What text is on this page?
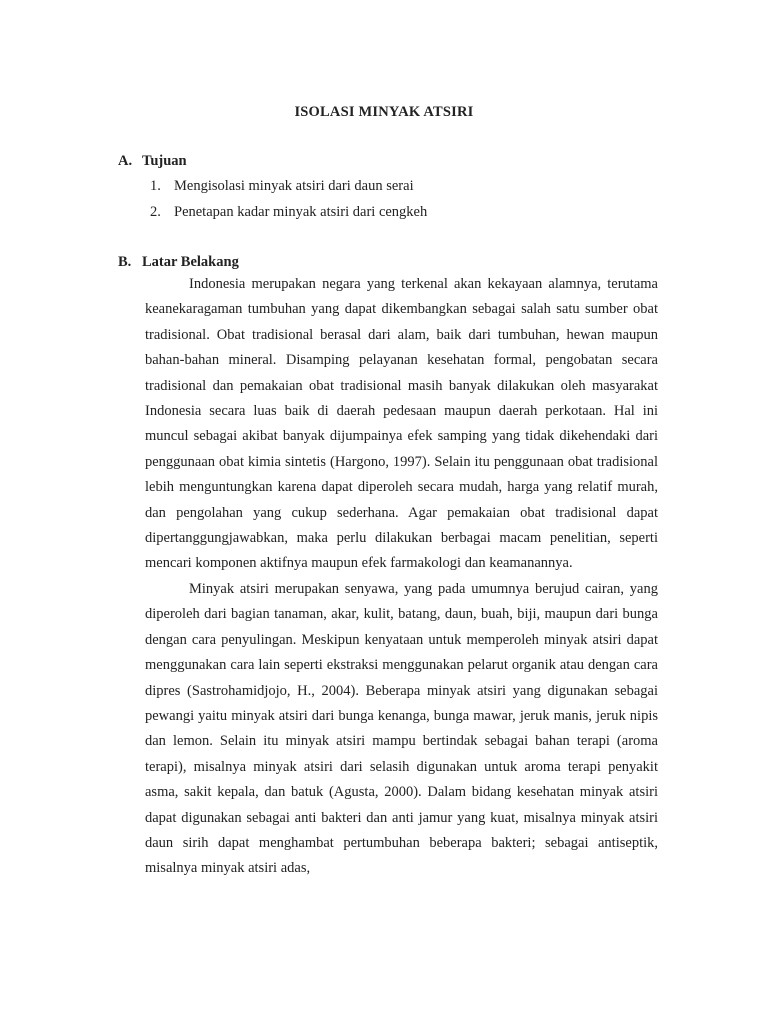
ISOLASI MINYAK ATSIRI
A. Tujuan
1. Mengisolasi minyak atsiri dari daun serai
2. Penetapan kadar minyak atsiri dari cengkeh
B. Latar Belakang

Indonesia merupakan negara yang terkenal akan kekayaan alamnya, terutama keanekaragaman tumbuhan yang dapat dikembangkan sebagai salah satu sumber obat tradisional. Obat tradisional berasal dari alam, baik dari tumbuhan, hewan maupun bahan-bahan mineral. Disamping pelayanan kesehatan formal, pengobatan secara tradisional dan pemakaian obat tradisional masih banyak dilakukan oleh masyarakat Indonesia secara luas baik di daerah pedesaan maupun daerah perkotaan. Hal ini muncul sebagai akibat banyak dijumpainya efek samping yang tidak dikehendaki dari penggunaan obat kimia sintetis (Hargono, 1997). Selain itu penggunaan obat tradisional lebih menguntungkan karena dapat diperoleh secara mudah, harga yang relatif murah, dan pengolahan yang cukup sederhana. Agar pemakaian obat tradisional dapat dipertanggungjawabkan, maka perlu dilakukan berbagai macam penelitian, seperti mencari komponen aktifnya maupun efek farmakologi dan keamanannya.

Minyak atsiri merupakan senyawa, yang pada umumnya berujud cairan, yang diperoleh dari bagian tanaman, akar, kulit, batang, daun, buah, biji, maupun dari bunga dengan cara penyulingan. Meskipun kenyataan untuk memperoleh minyak atsiri dapat menggunakan cara lain seperti ekstraksi menggunakan pelarut organik atau dengan cara dipres (Sastrohamidjojo, H., 2004). Beberapa minyak atsiri yang digunakan sebagai pewangi yaitu minyak atsiri dari bunga kenanga, bunga mawar, jeruk manis, jeruk nipis dan lemon. Selain itu minyak atsiri mampu bertindak sebagai bahan terapi (aroma terapi), misalnya minyak atsiri dari selasih digunakan untuk aroma terapi penyakit asma, sakit kepala, dan batuk (Agusta, 2000). Dalam bidang kesehatan minyak atsiri dapat digunakan sebagai anti bakteri dan anti jamur yang kuat, misalnya minyak atsiri daun sirih dapat menghambat pertumbuhan beberapa bakteri; sebagai antiseptik, misalnya minyak atsiri adas,
